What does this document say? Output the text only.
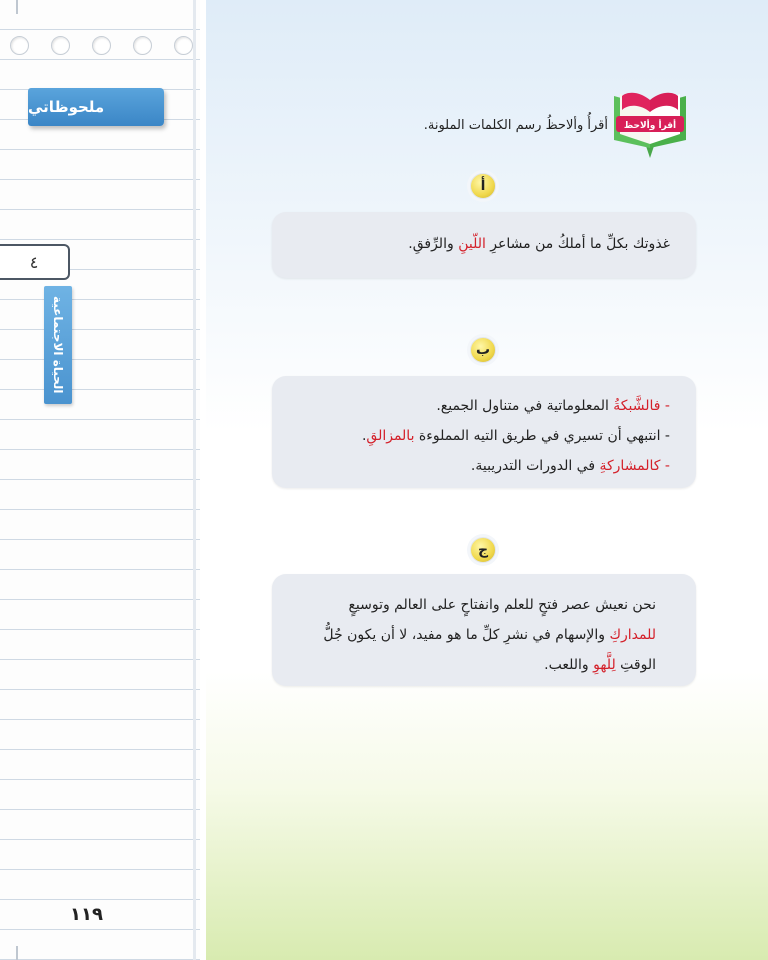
ملحوظاتي
٤
الحياة الاجتماعية
١١٩
أقرأ وألاحظ
أقرأُ وألاحظُ رسم الكلمات الملونة.
أ

غذوتك بكلِّ ما أملكُ من مشاعرِ اللّينِ والرِّفقِ.

ب

- فالشَّبكةُ المعلوماتية في متناول الجميع.

- انتبهي أن تسيري في طريق التيه المملوءة بالمزالقِ.

- كالمشاركةِ في الدورات التدريبية.

ج

نحن نعيش عصر فتحٍ للعلم وانفتاحٍ على العالم وتوسيعٍ

للمداركِ والإسهام في نشرِ كلِّ ما هو مفيد، لا أن يكون جُلُّ

الوقتِ لِلَّهوِ واللعب.
